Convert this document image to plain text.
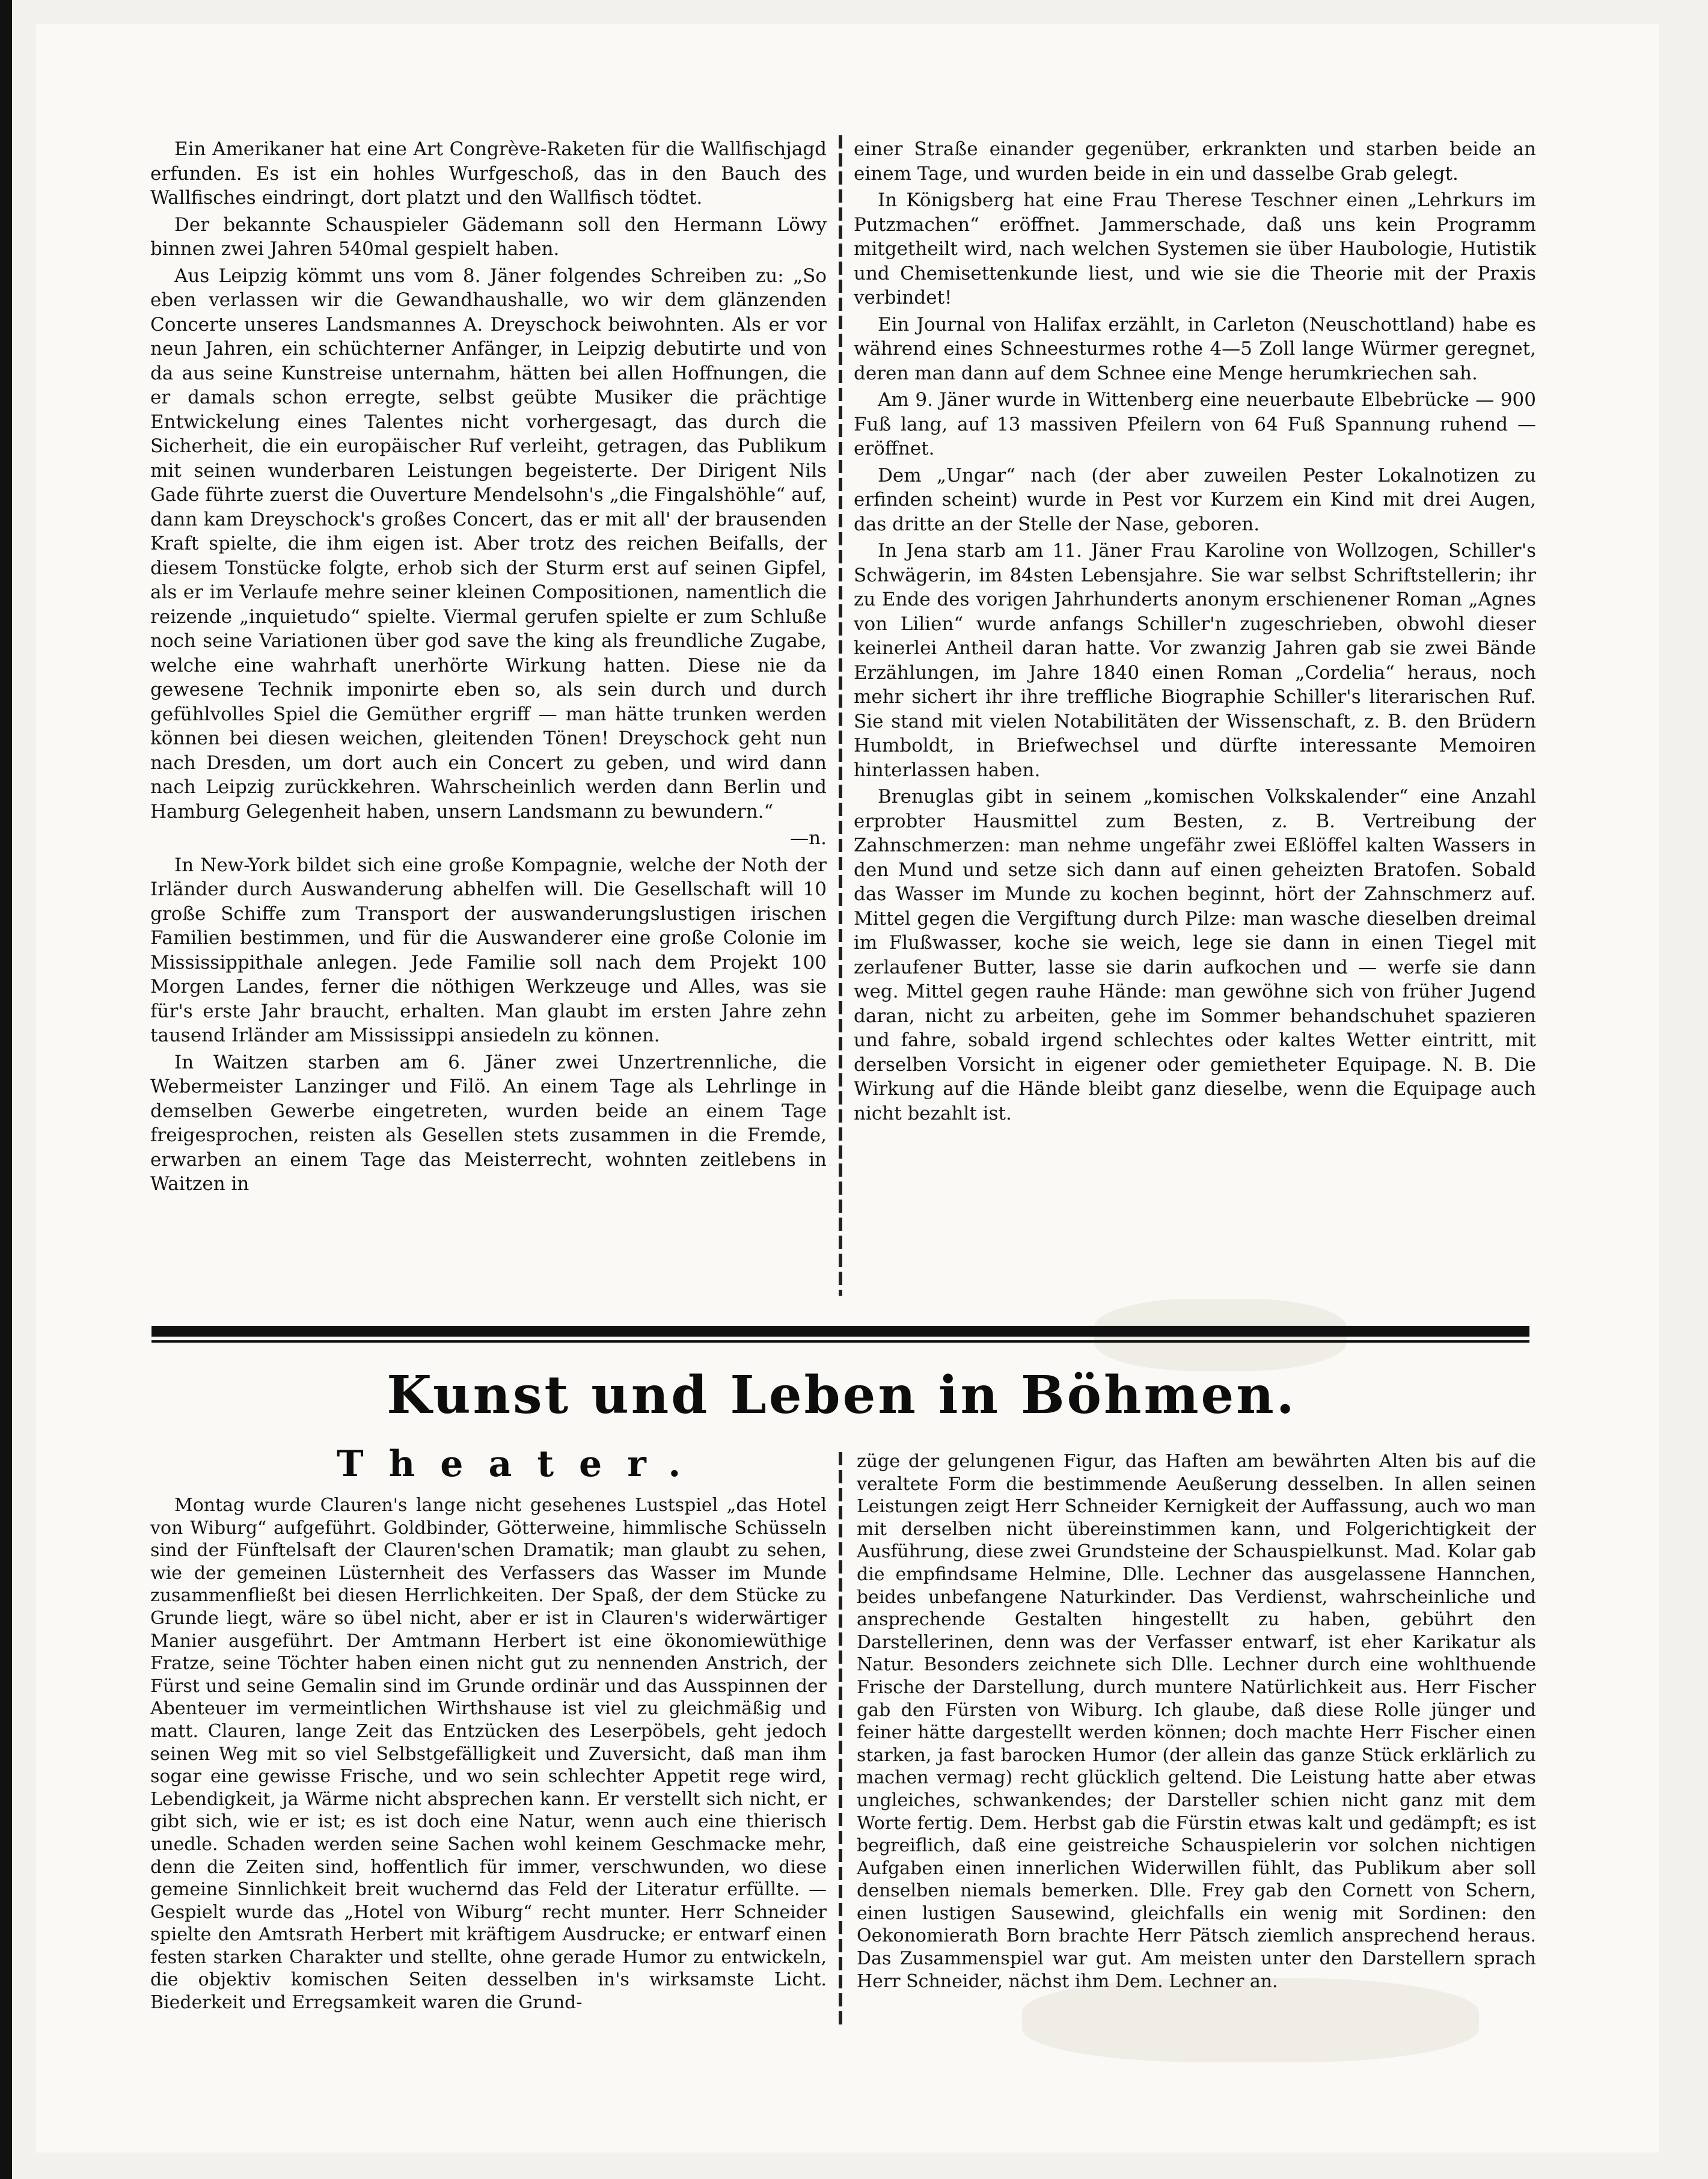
Ein Amerikaner hat eine Art Congrève-Raketen für die Wallfischjagd erfunden. Es ist ein hohles Wurfgeschoß, das in den Bauch des Wallfisches eindringt, dort platzt und den Wallfisch tödtet.

Der bekannte Schauspieler Gädemann soll den Hermann Löwy binnen zwei Jahren 540mal gespielt haben.

Aus Leipzig kömmt uns vom 8. Jäner folgendes Schreiben zu: „So eben verlassen wir die Gewandhaushalle, wo wir dem glänzenden Concerte unseres Landsmannes A. Dreyschock beiwohnten. Als er vor neun Jahren, ein schüchterner Anfänger, in Leipzig debutirte und von da aus seine Kunstreise unternahm, hätten bei allen Hoffnungen, die er damals schon erregte, selbst geübte Musiker die prächtige Entwickelung eines Talentes nicht vorhergesagt, das durch die Sicherheit, die ein europäischer Ruf verleiht, getragen, das Publikum mit seinen wunderbaren Leistungen begeisterte. Der Dirigent Nils Gade führte zuerst die Ouverture Mendelsohn's „die Fingalshöhle“ auf, dann kam Dreyschock's großes Concert, das er mit all' der brausenden Kraft spielte, die ihm eigen ist. Aber trotz des reichen Beifalls, der diesem Tonstücke folgte, erhob sich der Sturm erst auf seinen Gipfel, als er im Verlaufe mehre seiner kleinen Compositionen, namentlich die reizende „inquietudo“ spielte. Viermal gerufen spielte er zum Schluße noch seine Variationen über god save the king als freundliche Zugabe, welche eine wahrhaft unerhörte Wirkung hatten. Diese nie da gewesene Technik imponirte eben so, als sein durch und durch gefühlvolles Spiel die Gemüther ergriff — man hätte trunken werden können bei diesen weichen, gleitenden Tönen! Dreyschock geht nun nach Dresden, um dort auch ein Concert zu geben, und wird dann nach Leipzig zurückkehren. Wahrscheinlich werden dann Berlin und Hamburg Gelegenheit haben, unsern Landsmann zu bewundern.“

—n.

In New-York bildet sich eine große Kompagnie, welche der Noth der Irländer durch Auswanderung abhelfen will. Die Gesellschaft will 10 große Schiffe zum Transport der auswanderungslustigen irischen Familien bestimmen, und für die Auswanderer eine große Colonie im Mississippithale anlegen. Jede Familie soll nach dem Projekt 100 Morgen Landes, ferner die nöthigen Werkzeuge und Alles, was sie für's erste Jahr braucht, erhalten. Man glaubt im ersten Jahre zehn tausend Irländer am Mississippi ansiedeln zu können.

In Waitzen starben am 6. Jäner zwei Unzertrennliche, die Webermeister Lanzinger und Filö. An einem Tage als Lehrlinge in demselben Gewerbe eingetreten, wurden beide an einem Tage freigesprochen, reisten als Gesellen stets zusammen in die Fremde, erwarben an einem Tage das Meisterrecht, wohnten zeitlebens in Waitzen in

einer Straße einander gegenüber, erkrankten und starben beide an einem Tage, und wurden beide in ein und dasselbe Grab gelegt.

In Königsberg hat eine Frau Therese Teschner einen „Lehrkurs im Putzmachen“ eröffnet. Jammerschade, daß uns kein Programm mitgetheilt wird, nach welchen Systemen sie über Haubologie, Hutistik und Chemisettenkunde liest, und wie sie die Theorie mit der Praxis verbindet!

Ein Journal von Halifax erzählt, in Carleton (Neuschottland) habe es während eines Schneesturmes rothe 4—5 Zoll lange Würmer geregnet, deren man dann auf dem Schnee eine Menge herumkriechen sah.

Am 9. Jäner wurde in Wittenberg eine neuerbaute Elbebrücke — 900 Fuß lang, auf 13 massiven Pfeilern von 64 Fuß Spannung ruhend — eröffnet.

Dem „Ungar“ nach (der aber zuweilen Pester Lokalnotizen zu erfinden scheint) wurde in Pest vor Kurzem ein Kind mit drei Augen, das dritte an der Stelle der Nase, geboren.

In Jena starb am 11. Jäner Frau Karoline von Wollzogen, Schiller's Schwägerin, im 84sten Lebensjahre. Sie war selbst Schriftstellerin; ihr zu Ende des vorigen Jahrhunderts anonym erschienener Roman „Agnes von Lilien“ wurde anfangs Schiller'n zugeschrieben, obwohl dieser keinerlei Antheil daran hatte. Vor zwanzig Jahren gab sie zwei Bände Erzählungen, im Jahre 1840 einen Roman „Cordelia“ heraus, noch mehr sichert ihr ihre treffliche Biographie Schiller's literarischen Ruf. Sie stand mit vielen Notabilitäten der Wissenschaft, z. B. den Brüdern Humboldt, in Briefwechsel und dürfte interessante Memoiren hinterlassen haben.

Brenuglas gibt in seinem „komischen Volkskalender“ eine Anzahl erprobter Hausmittel zum Besten, z. B. Vertreibung der Zahnschmerzen: man nehme ungefähr zwei Eßlöffel kalten Wassers in den Mund und setze sich dann auf einen geheizten Bratofen. Sobald das Wasser im Munde zu kochen beginnt, hört der Zahnschmerz auf. Mittel gegen die Vergiftung durch Pilze: man wasche dieselben dreimal im Flußwasser, koche sie weich, lege sie dann in einen Tiegel mit zerlaufener Butter, lasse sie darin aufkochen und — werfe sie dann weg. Mittel gegen rauhe Hände: man gewöhne sich von früher Jugend daran, nicht zu arbeiten, gehe im Sommer behandschuhet spazieren und fahre, sobald irgend schlechtes oder kaltes Wetter eintritt, mit derselben Vorsicht in eigener oder gemietheter Equipage. N. B. Die Wirkung auf die Hände bleibt ganz dieselbe, wenn die Equipage auch nicht bezahlt ist.

Kunst und Leben in Böhmen.
Theater.

Montag wurde Clauren's lange nicht gesehenes Lustspiel „das Hotel von Wiburg“ aufgeführt. Goldbinder, Götterweine, himmlische Schüsseln sind der Fünftelsaft der Clauren'schen Dramatik; man glaubt zu sehen, wie der gemeinen Lüsternheit des Verfassers das Wasser im Munde zusammenfließt bei diesen Herrlichkeiten. Der Spaß, der dem Stücke zu Grunde liegt, wäre so übel nicht, aber er ist in Clauren's widerwärtiger Manier ausgeführt. Der Amtmann Herbert ist eine ökonomiewüthige Fratze, seine Töchter haben einen nicht gut zu nennenden Anstrich, der Fürst und seine Gemalin sind im Grunde ordinär und das Ausspinnen der Abenteuer im vermeintlichen Wirthshause ist viel zu gleichmäßig und matt. Clauren, lange Zeit das Entzücken des Leserpöbels, geht jedoch seinen Weg mit so viel Selbstgefälligkeit und Zuversicht, daß man ihm sogar eine gewisse Frische, und wo sein schlechter Appetit rege wird, Lebendigkeit, ja Wärme nicht absprechen kann. Er verstellt sich nicht, er gibt sich, wie er ist; es ist doch eine Natur, wenn auch eine thierisch unedle. Schaden werden seine Sachen wohl keinem Geschmacke mehr, denn die Zeiten sind, hoffentlich für immer, verschwunden, wo diese gemeine Sinnlichkeit breit wuchernd das Feld der Literatur erfüllte. — Gespielt wurde das „Hotel von Wiburg“ recht munter. Herr Schneider spielte den Amtsrath Herbert mit kräftigem Ausdrucke; er entwarf einen festen starken Charakter und stellte, ohne gerade Humor zu entwickeln, die objektiv komischen Seiten desselben in's wirksamste Licht. Biederkeit und Erregsamkeit waren die Grund-

züge der gelungenen Figur, das Haften am bewährten Alten bis auf die veraltete Form die bestimmende Aeußerung desselben. In allen seinen Leistungen zeigt Herr Schneider Kernigkeit der Auffassung, auch wo man mit derselben nicht übereinstimmen kann, und Folgerichtigkeit der Ausführung, diese zwei Grundsteine der Schauspielkunst. Mad. Kolar gab die empfindsame Helmine, Dlle. Lechner das ausgelassene Hannchen, beides unbefangene Naturkinder. Das Verdienst, wahrscheinliche und ansprechende Gestalten hingestellt zu haben, gebührt den Darstellerinen, denn was der Verfasser entwarf, ist eher Karikatur als Natur. Besonders zeichnete sich Dlle. Lechner durch eine wohlthuende Frische der Darstellung, durch muntere Natürlichkeit aus. Herr Fischer gab den Fürsten von Wiburg. Ich glaube, daß diese Rolle jünger und feiner hätte dargestellt werden können; doch machte Herr Fischer einen starken, ja fast barocken Humor (der allein das ganze Stück erklärlich zu machen vermag) recht glücklich geltend. Die Leistung hatte aber etwas ungleiches, schwankendes; der Darsteller schien nicht ganz mit dem Worte fertig. Dem. Herbst gab die Fürstin etwas kalt und gedämpft; es ist begreiflich, daß eine geistreiche Schauspielerin vor solchen nichtigen Aufgaben einen innerlichen Widerwillen fühlt, das Publikum aber soll denselben niemals bemerken. Dlle. Frey gab den Cornett von Schern, einen lustigen Sausewind, gleichfalls ein wenig mit Sordinen: den Oekonomierath Born brachte Herr Pätsch ziemlich ansprechend heraus. Das Zusammenspiel war gut. Am meisten unter den Darstellern sprach Herr Schneider, nächst ihm Dem. Lechner an.
